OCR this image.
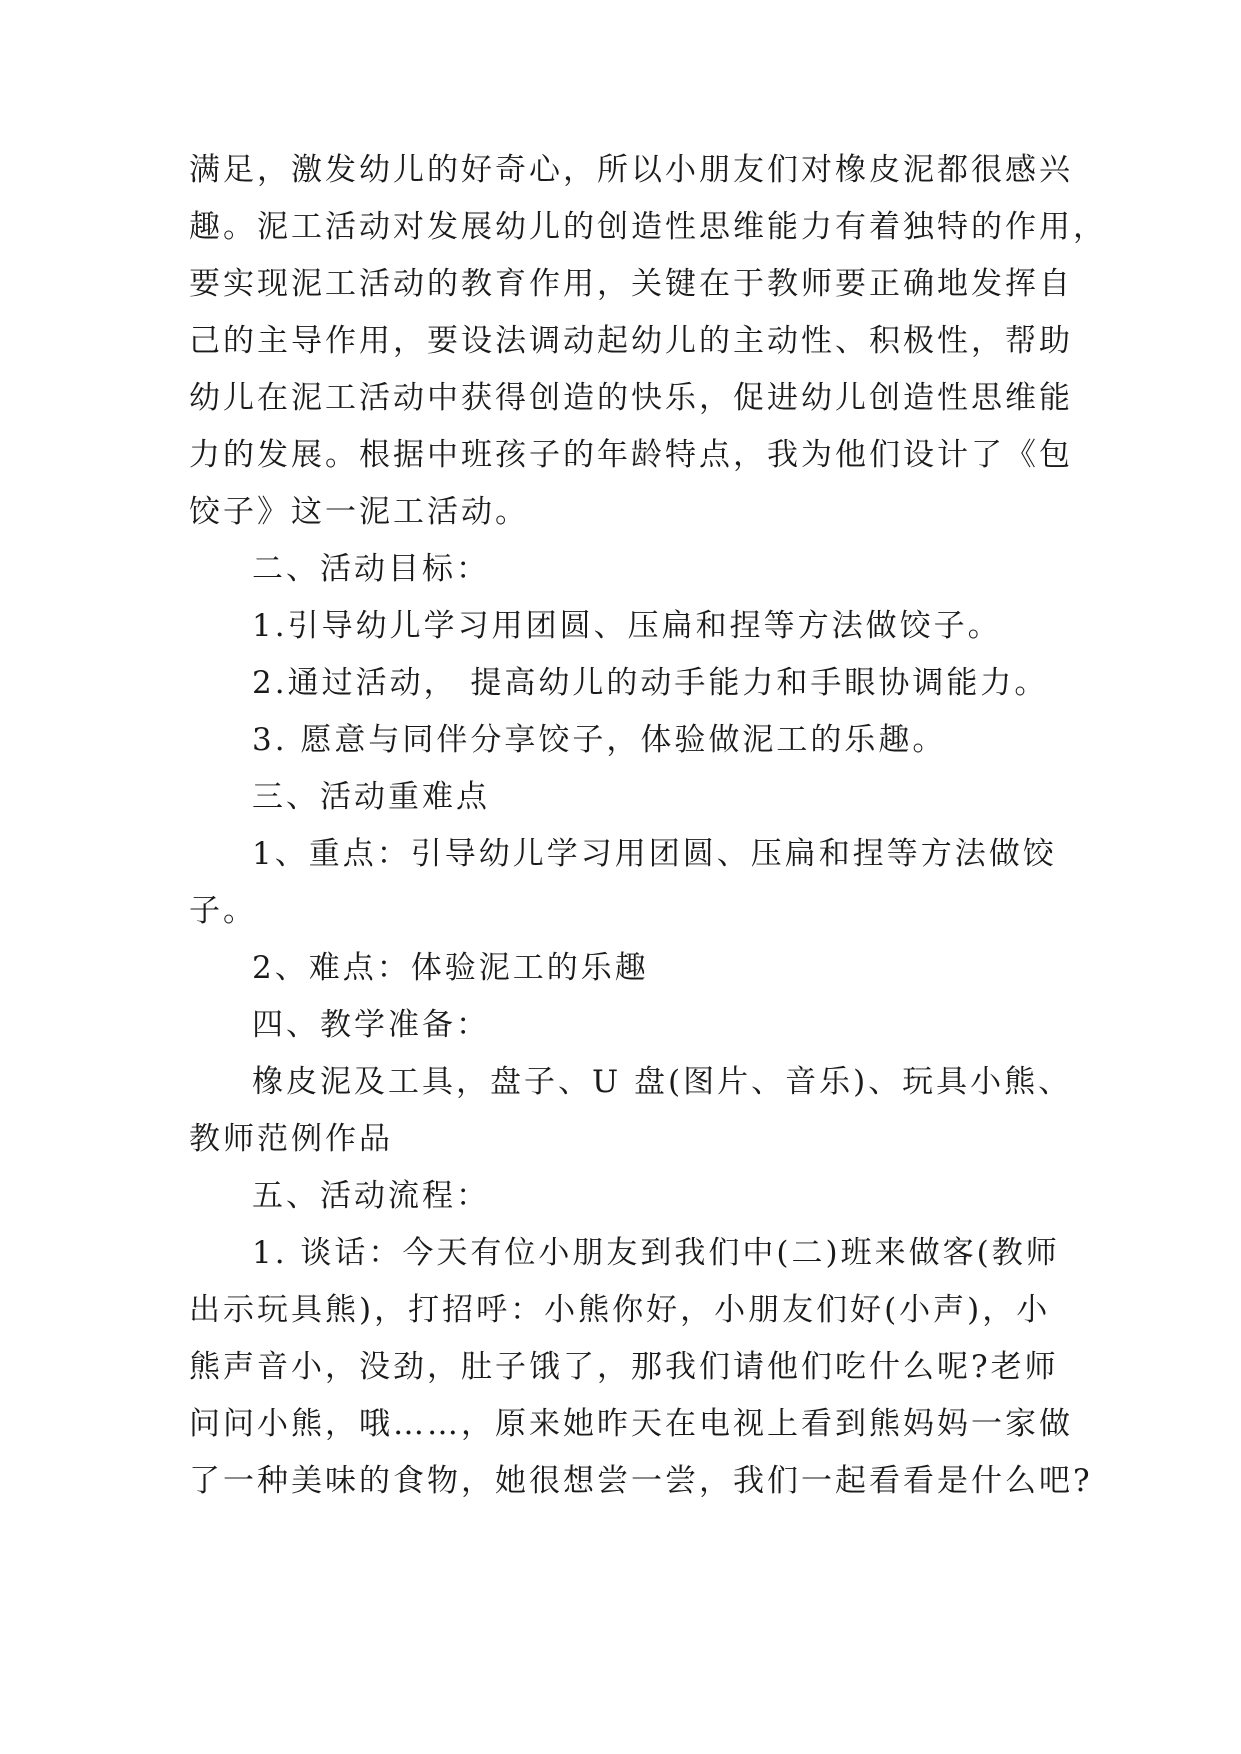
满足，激发幼儿的好奇心，所以小朋友们对橡皮泥都很感兴
趣。泥工活动对发展幼儿的创造性思维能力有着独特的作用，
要实现泥工活动的教育作用，关键在于教师要正确地发挥自
己的主导作用，要设法调动起幼儿的主动性、积极性，帮助
幼儿在泥工活动中获得创造的快乐，促进幼儿创造性思维能
力的发展。根据中班孩子的年龄特点，我为他们设计了《包
饺子》这一泥工活动。
二、活动目标：
1.引导幼儿学习用团圆、压扁和捏等方法做饺子。
2.通过活动， 提高幼儿的动手能力和手眼协调能力。
3. 愿意与同伴分享饺子，体验做泥工的乐趣。
三、活动重难点
1、重点：引导幼儿学习用团圆、压扁和捏等方法做饺
子。
2、难点：体验泥工的乐趣
四、教学准备：
橡皮泥及工具，盘子、U 盘(图片、音乐)、玩具小熊、
教师范例作品
五、活动流程：
1. 谈话：今天有位小朋友到我们中(二)班来做客(教师
出示玩具熊)，打招呼：小熊你好，小朋友们好(小声)，小
熊声音小，没劲，肚子饿了，那我们请他们吃什么呢?老师
问问小熊，哦……，原来她昨天在电视上看到熊妈妈一家做
了一种美味的食物，她很想尝一尝，我们一起看看是什么吧?
